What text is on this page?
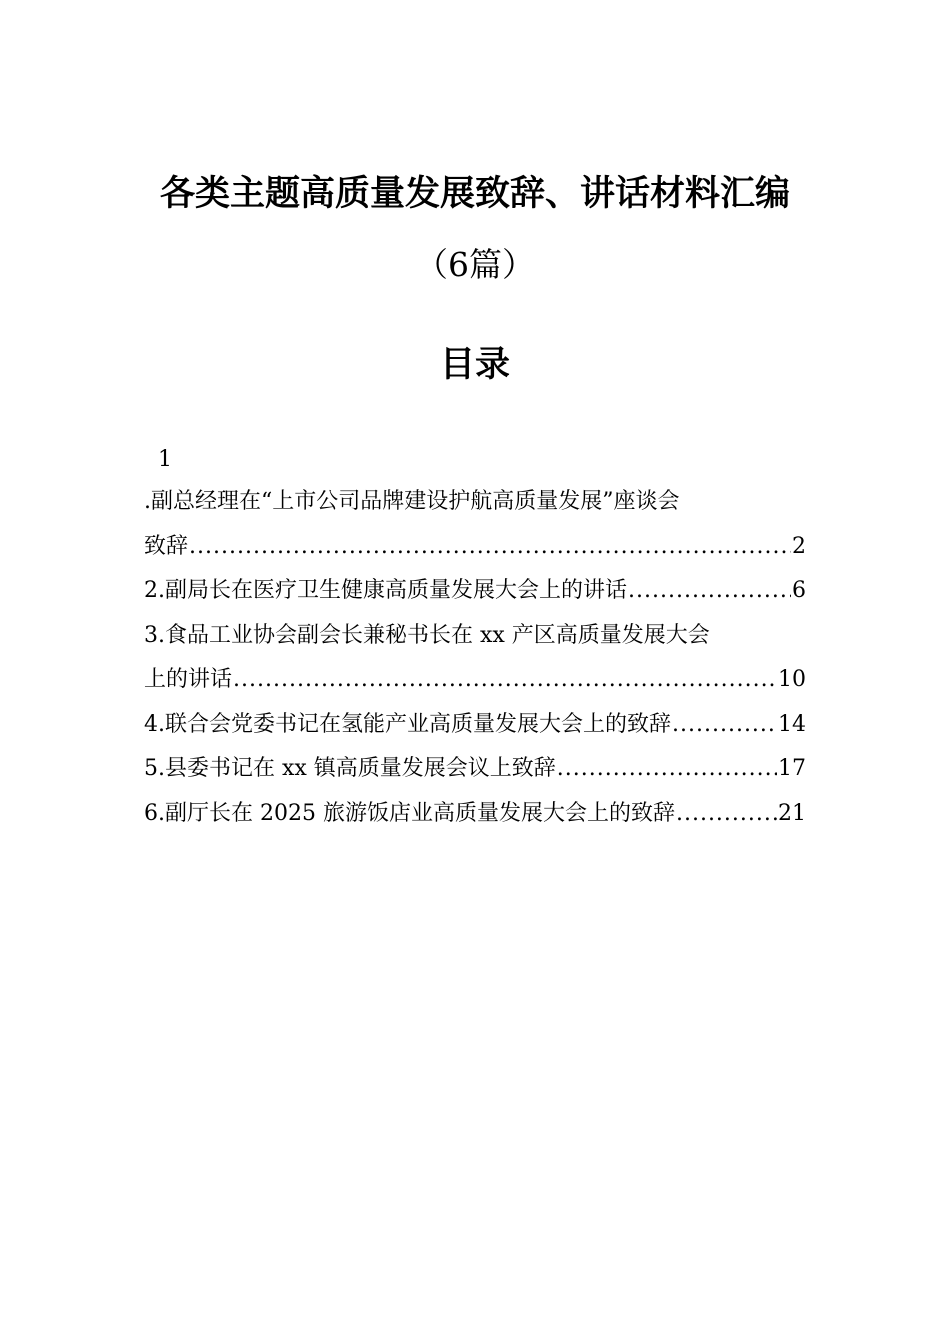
各类主题高质量发展致辞、讲话材料汇编
（6篇）
目录
1
.副总经理在“上市公司品牌建设护航高质量发展”座谈会
致辞 .....	2
2.副局长在医疗卫生健康高质量发展大会上的讲话 .....	6
3.食品工业协会副会长兼秘书长在 xx 产区高质量发展大会
上的讲话 .....	10
4.联合会党委书记在氢能产业高质量发展大会上的致辞 .....	14
5.县委书记在 xx 镇高质量发展会议上致辞 .....	17
6.副厅长在 2025 旅游饭店业高质量发展大会上的致辞 .....	21
